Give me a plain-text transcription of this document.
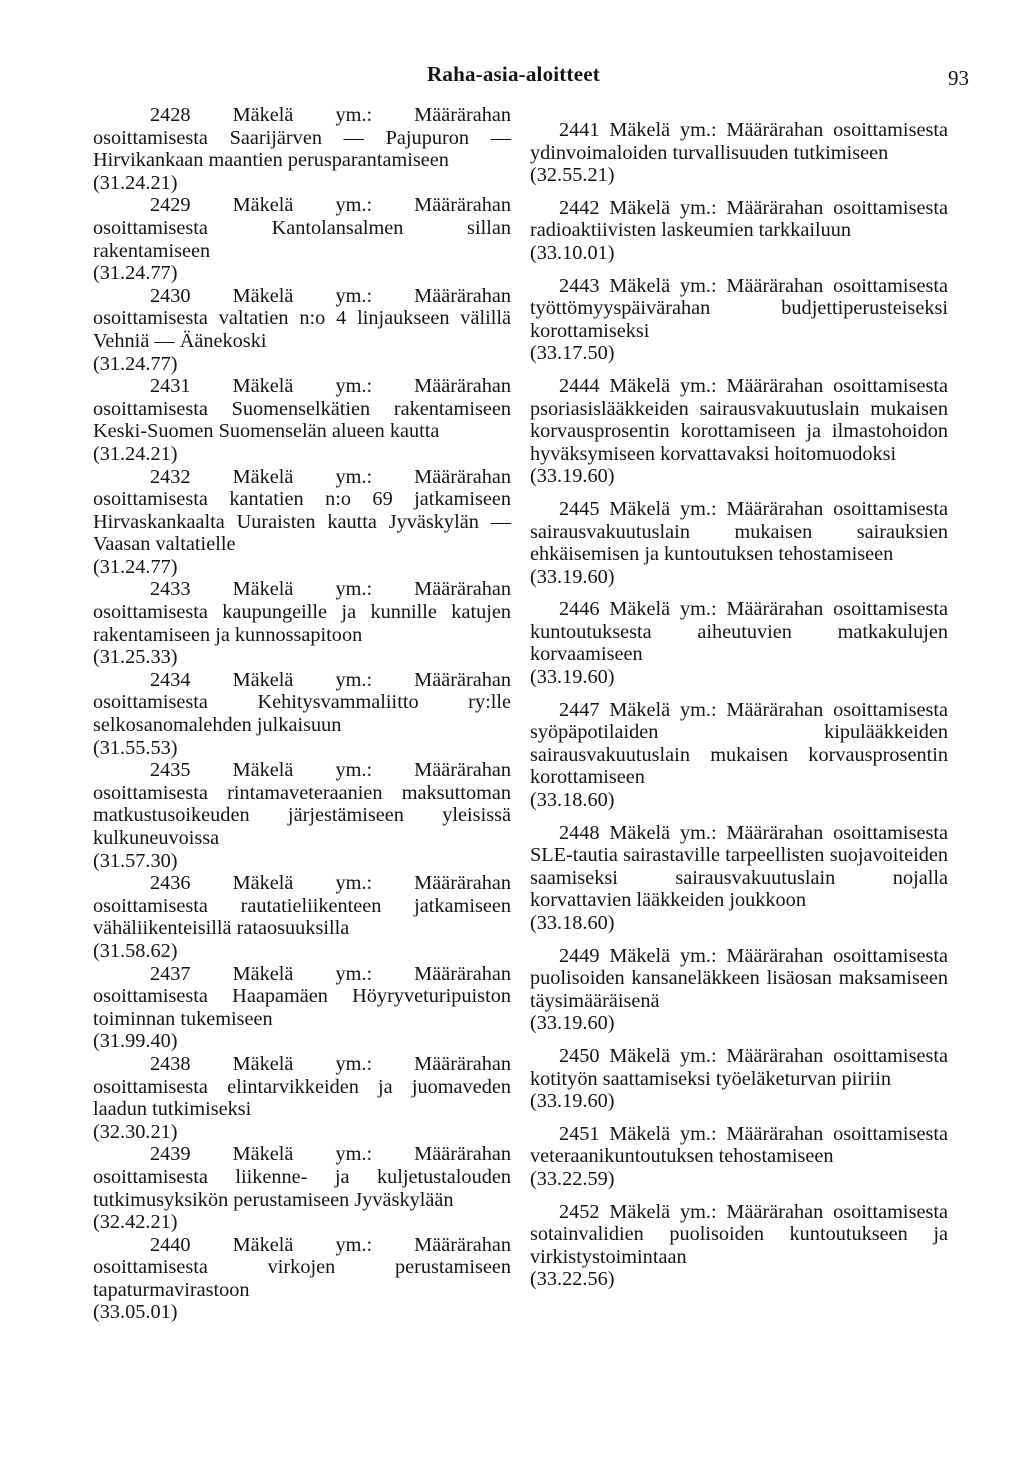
Raha-asia-aloitteet	93

2428 Mäkelä ym.: Määrärahan osoittamisesta Saarijärven — Pajupuron — Hirvikankaan maantien perusparantamiseen

(31.24.21)

2429 Mäkelä ym.: Määrärahan osoittamisesta Kantolansalmen sillan rakentamiseen

(31.24.77)

2430 Mäkelä ym.: Määrärahan osoittamisesta valtatien n:o 4 linjaukseen välillä Vehniä — Äänekoski

(31.24.77)

2431 Mäkelä ym.: Määrärahan osoittamisesta Suomenselkätien rakentamiseen Keski-Suomen Suomenselän alueen kautta

(31.24.21)

2432 Mäkelä ym.: Määrärahan osoittamisesta kantatien n:o 69 jatkamiseen Hirvaskankaalta Uuraisten kautta Jyväskylän — Vaasan valtatielle

(31.24.77)

2433 Mäkelä ym.: Määrärahan osoittamisesta kaupungeille ja kunnille katujen rakentamiseen ja kunnossapitoon

(31.25.33)

2434 Mäkelä ym.: Määrärahan osoittamisesta Kehitysvammaliitto ry:lle selkosanomalehden julkaisuun

(31.55.53)

2435 Mäkelä ym.: Määrärahan osoittamisesta rintamaveteraanien maksuttoman matkustusoikeuden järjestämiseen yleisissä kulkuneuvoissa

(31.57.30)

2436 Mäkelä ym.: Määrärahan osoittamisesta rautatieliikenteen jatkamiseen vähäliikenteisillä rataosuuksilla

(31.58.62)

2437 Mäkelä ym.: Määrärahan osoittamisesta Haapamäen Höyryveturipuiston toiminnan tukemiseen

(31.99.40)

2438 Mäkelä ym.: Määrärahan osoittamisesta elintarvikkeiden ja juomaveden laadun tutkimiseksi

(32.30.21)

2439 Mäkelä ym.: Määrärahan osoittamisesta liikenne- ja kuljetustalouden tutkimusyksikön perustamiseen Jyväskylään

(32.42.21)

2440 Mäkelä ym.: Määrärahan osoittamisesta virkojen perustamiseen tapaturmavirastoon

(33.05.01)

2441 Mäkelä ym.: Määrärahan osoittamisesta ydinvoimaloiden turvallisuuden tutkimiseen

(32.55.21)

2442 Mäkelä ym.: Määrärahan osoittamisesta radioaktiivisten laskeumien tarkkailuun

(33.10.01)

2443 Mäkelä ym.: Määrärahan osoittamisesta työttömyyspäivärahan budjettiperusteiseksi korottamiseksi

(33.17.50)

2444 Mäkelä ym.: Määrärahan osoittamisesta psoriasislääkkeiden sairausvakuutuslain mukaisen korvausprosentin korottamiseen ja ilmastohoidon hyväksymiseen korvattavaksi hoitomuodoksi

(33.19.60)

2445 Mäkelä ym.: Määrärahan osoittamisesta sairausvakuutuslain mukaisen sairauksien ehkäisemisen ja kuntoutuksen tehostamiseen

(33.19.60)

2446 Mäkelä ym.: Määrärahan osoittamisesta kuntoutuksesta aiheutuvien matkakulujen korvaamiseen

(33.19.60)

2447 Mäkelä ym.: Määrärahan osoittamisesta syöpäpotilaiden kipulääkkeiden sairausvakuutuslain mukaisen korvausprosentin korottamiseen

(33.18.60)

2448 Mäkelä ym.: Määrärahan osoittamisesta SLE-tautia sairastaville tarpeellisten suojavoiteiden saamiseksi sairausvakuutuslain nojalla korvattavien lääkkeiden joukkoon

(33.18.60)

2449 Mäkelä ym.: Määrärahan osoittamisesta puolisoiden kansaneläkkeen lisäosan maksamiseen täysimääräisenä

(33.19.60)

2450 Mäkelä ym.: Määrärahan osoittamisesta kotityön saattamiseksi työeläketurvan piiriin

(33.19.60)

2451 Mäkelä ym.: Määrärahan osoittamisesta veteraanikuntoutuksen tehostamiseen

(33.22.59)

2452 Mäkelä ym.: Määrärahan osoittamisesta sotainvalidien puolisoiden kuntoutukseen ja virkistystoimintaan

(33.22.56)
